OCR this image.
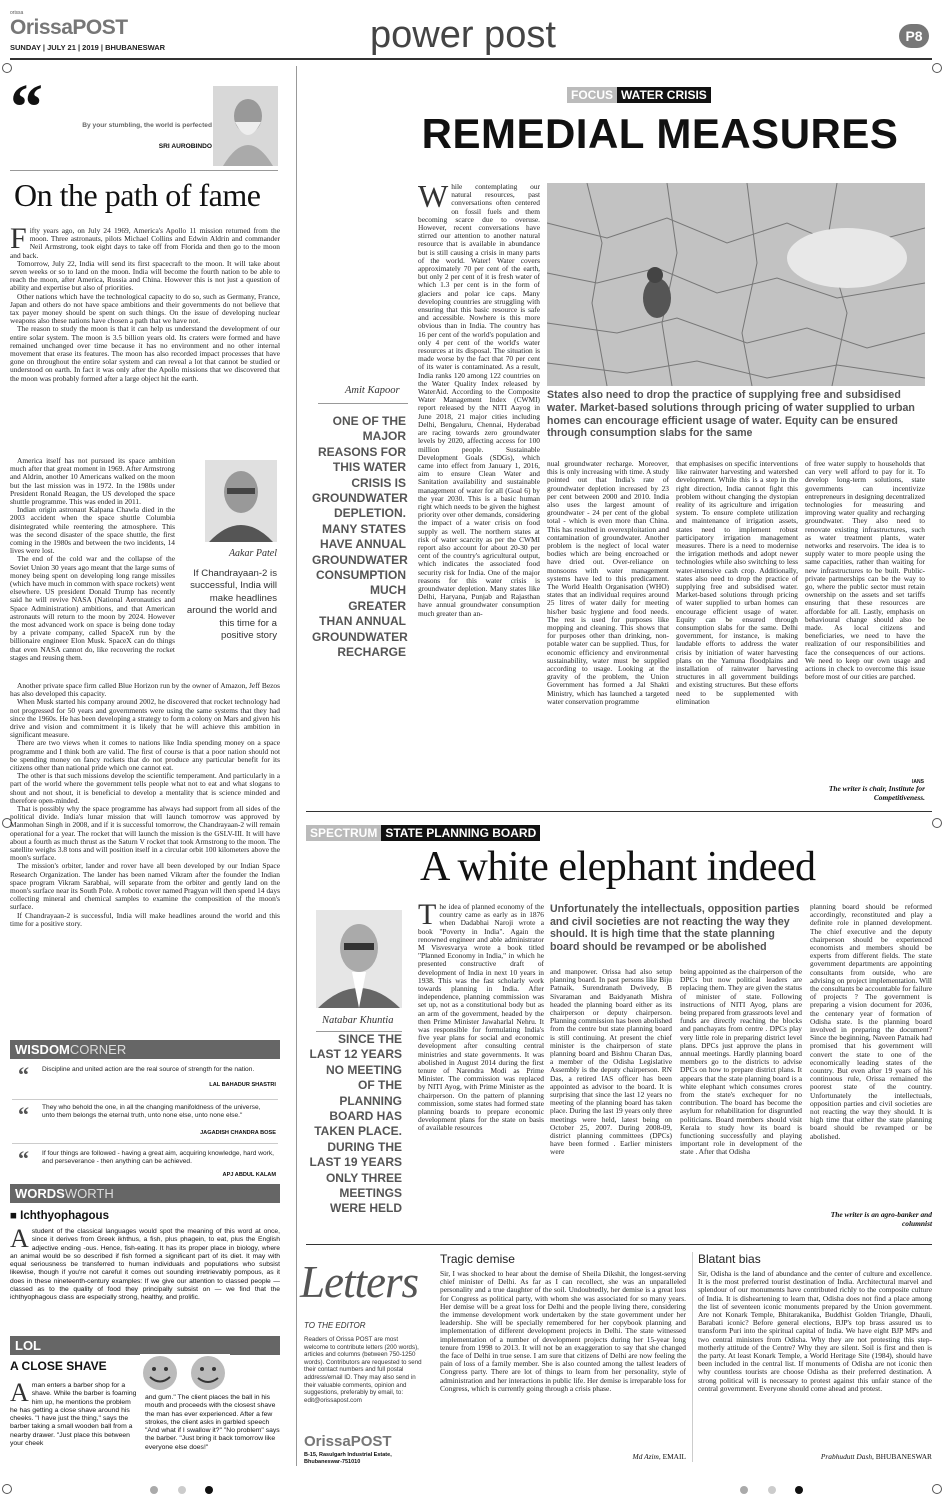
orissa
OrissaPOST
SUNDAY | JULY 21 | 2019 | BHUBANESWAR	power post	P8
“	By your stumbling, the world is perfected
SRI AUROBINDO
On the path of fame

Fifty years ago, on July 24 1969, America's Apollo 11 mission returned from the moon. Three astronauts, pilots Michael Collins and Edwin Aldrin and commander Neil Armstrong, took eight days to take off from Florida and then go to the moon and back.

Tomorrow, July 22, India will send its first spacecraft to the moon. It will take about seven weeks or so to land on the moon. India will become the fourth nation to be able to reach the moon, after America, Russia and China. However this is not just a question of ability and expertise but also of priorities.

Other nations which have the technological capacity to do so, such as Germany, France, Japan and others do not have space ambitions and their governments do not believe that tax payer money should be spent on such things. On the issue of developing nuclear weapons also these nations have chosen a path that we have not.

The reason to study the moon is that it can help us understand the development of our entire solar system. The moon is 3.5 billion years old. Its craters were formed and have remained unchanged over time because it has no environment and no other internal movement that erase its features. The moon has also recorded impact processes that have gone on throughout the entire solar system and can reveal a lot that cannot be studied or understood on earth. In fact it was only after the Apollo missions that we discovered that the moon was probably formed after a large object hit the earth.

America itself has not pursued its space ambition much after that great moment in 1969. After Armstrong and Aldrin, another 10 Americans walked on the moon but the last mission was in 1972. In the 1980s under President Ronald Reagan, the US developed the space shuttle programme. This was ended in 2011.

Indian origin astronaut Kalpana Chawla died in the 2003 accident when the space shuttle Columbia disintegrated while reentering the atmosphere. This was the second disaster of the space shuttle, the first coming in the 1980s and between the two incidents, 14 lives were lost.

The end of the cold war and the collapse of the Soviet Union 30 years ago meant that the large sums of money being spent on developing long range missiles (which have much in common with space rockets) went elsewhere. US president Donald Trump has recently said he will revive NASA (National Aeronautics and Space Administration) ambitions, and that American astronauts will return to the moon by 2024. However the most advanced work on space is being done today by a private company, called SpaceX run by the billionaire engineer Elon Musk. SpaceX can do things that even NASA cannot do, like recovering the rocket stages and reusing them.

Aakar Patel
If Chandrayaan-2 is successful, India will make headlines around the world and this time for a positive story

Another private space firm called Blue Horizon run by the owner of Amazon, Jeff Bezos has also developed this capacity.

When Musk started his company around 2002, he discovered that rocket technology had not progressed for 50 years and governments were using the same systems that they had since the 1960s. He has been developing a strategy to form a colony on Mars and given his drive and vision and commitment it is likely that he will achieve this ambition in significant measure.

There are two views when it comes to nations like India spending money on a space programme and I think both are valid. The first of course is that a poor nation should not be spending money on fancy rockets that do not produce any particular benefit for its citizens other than national pride which one cannot eat.

The other is that such missions develop the scientific temperament. And particularly in a part of the world where the government tells people what not to eat and what slogans to shout and not shout, it is beneficial to develop a mentality that is science minded and therefore open-minded.

That is possibly why the space programme has always had support from all sides of the political divide. India's lunar mission that will launch tomorrow was approved by Manmohan Singh in 2008, and if it is successful tomorrow, the Chandrayaan-2 will remain operational for a year. The rocket that will launch the mission is the GSLV-III. It will have about a fourth as much thrust as the Saturn V rocket that took Armstrong to the moon. The satellite weighs 3.8 tons and will position itself in a circular orbit 100 kilometers above the moon's surface.

The mission's orbiter, lander and rover have all been developed by our Indian Space Research Organization. The lander has been named Vikram after the founder the Indian space program Vikram Sarabhai, will separate from the orbiter and gently land on the moon's surface near its South Pole. A robotic rover named Pragyan will then spend 14 days collecting mineral and chemical samples to examine the composition of the moon's surface.

If Chandrayaan-2 is successful, India will make headlines around the world and this time for a positive story.

WISDOMCORNER
“ Discipline and united action are the real source of strength for the nation.
LAL BAHADUR SHASTRI
“ They who behold the one, in all the changing manifoldness of the universe, unto them belongs the eternal truth, unto none else, unto none else."
JAGADISH CHANDRA BOSE
“ If four things are followed - having a great aim, acquiring knowledge, hard work, and perseverance - then anything can be achieved.
APJ ABDUL KALAM
WORDSWORTH
■ Ichthyophagous
A student of the classical languages would spot the meaning of this word at once, since it derives from Greek ikhthus, a fish, plus phagein, to eat, plus the English adjective ending -ous. Hence, fish-eating. It has its proper place in biology, where an animal would be so described if fish formed a significant part of its diet. It may with equal seriousness be transferred to human individuals and populations who subsist likewise, though if you're not careful it comes out sounding irretrievably pompous, as it does in these nineteenth-century examples: If we give our attention to classed people — classed as to the quality of food they principally subsist on — we find that the ichthyophagous class are especially strong, healthy, and prolific.
LOL
A CLOSE SHAVE
A man enters a barber shop for a shave. While the barber is foaming him up, he mentions the problem he has getting a close shave around his cheeks. "I have just the thing," says the barber taking a small wooden ball from a nearby drawer. "Just place this between your cheek
and gum." The client places the ball in his mouth and proceeds with the closest shave the man has ever experienced. After a few strokes, the client asks in garbled speech "And what if I swallow it?" "No problem" says the barber. "Just bring it back tomorrow like everyone else does!"
FOCUS WATER CRISIS
REMEDIAL MEASURES
Amit Kapoor
ONE OF THE MAJOR REASONS FOR THIS WATER CRISIS IS GROUNDWATER DEPLETION. MANY STATES HAVE ANNUAL GROUNDWATER CONSUMPTION MUCH GREATER THAN ANNUAL GROUNDWATER RECHARGE
While contemplating our natural resources, past conversations often centered on fossil fuels and them becoming scarce due to overuse. However, recent conversations have stirred our attention to another natural resource that is available in abundance but is still causing a crisis in many parts of the world. Water! Water covers approximately 70 per cent of the earth, but only 2 per cent of it is fresh water of which 1.3 per cent is in the form of glaciers and polar ice caps. Many developing countries are struggling with ensuring that this basic resource is safe and accessible. Nowhere is this more obvious than in India. The country has 16 per cent of the world's population and only 4 per cent of the world's water resources at its disposal. The situation is made worse by the fact that 70 per cent of its water is contaminated. As a result, India ranks 120 among 122 countries on the Water Quality Index released by WaterAid. According to the Composite Water Management Index (CWMI) report released by the NITI Aayog in June 2018, 21 major cities including Delhi, Bengaluru, Chennai, Hyderabad are racing towards zero groundwater levels by 2020, affecting access for 100 million people. Sustainable Development Goals (SDGs), which came into effect from January 1, 2016, aim to ensure Clean Water and Sanitation availability and sustainable management of water for all (Goal 6) by the year 2030. This is a basic human right which needs to be given the highest priority over other demands, considering the impact of a water crisis on food supply as well. The northern states at risk of water scarcity as per the CWMI report also account for about 20-30 per cent of the country's agricultural output, which indicates the associated food security risk for India. One of the major reasons for this water crisis is groundwater depletion. Many states like Delhi, Haryana, Punjab and Rajasthan have annual groundwater consumption much greater than an-
States also need to drop the practice of supplying free and subsidised water. Market-based solutions through pricing of water supplied to urban homes can encourage efficient usage of water. Equity can be ensured through consumption slabs for the same
nual groundwater recharge. Moreover, this is only increasing with time. A study pointed out that India's rate of groundwater depletion increased by 23 per cent between 2000 and 2010. India also uses the largest amount of groundwater - 24 per cent of the global total - which is even more than China. This has resulted in overexploitation and contamination of groundwater. Another problem is the neglect of local water bodies which are being encroached or have dried out. Over-reliance on monsoons with water management systems have led to this predicament. The World Health Organisation (WHO) states that an individual requires around 25 litres of water daily for meeting his/her basic hygiene and food needs. The rest is used for purposes like mopping and cleaning. This shows that for purposes other than drinking, non-potable water can be supplied. Thus, for economic efficiency and environmental sustainability, water must be supplied according to usage. Looking at the gravity of the problem, the Union Government has formed a Jal Shakti Ministry, which has launched a targeted water conservation programme
that emphasises on specific interventions like rainwater harvesting and watershed development. While this is a step in the right direction, India cannot fight this problem without changing the dystopian reality of its agriculture and irrigation system. To ensure complete utilization and maintenance of irrigation assets, states need to implement robust participatory irrigation management measures. There is a need to modernise the irrigation methods and adopt newer technologies while also switching to less water-intensive cash crop. Additionally, states also need to drop the practice of supplying free and subsidised water. Market-based solutions through pricing of water supplied to urban homes can encourage efficient usage of water. Equity can be ensured through consumption slabs for the same. Delhi government, for instance, is making laudable efforts to address the water crisis by initiation of water harvesting plans on the Yamuna floodplains and installation of rainwater harvesting structures in all government buildings and existing structures. But these efforts need to be supplemented with elimination
of free water supply to households that can very well afford to pay for it. To develop long-term solutions, state governments can incentivize entrepreneurs in designing decentralized technologies for measuring and improving water quality and recharging groundwater. They also need to renovate existing infrastructures, such as water treatment plants, water networks and reservoirs. The idea is to supply water to more people using the same capacities, rather than waiting for new infrastructures to be built. Public-private partnerships can be the way to go, where the public sector must retain ownership on the assets and set tariffs ensuring that these resources are affordable for all. Lastly, emphasis on behavioural change should also be made. As local citizens and beneficiaries, we need to have the realization of our responsibilities and face the consequences of our actions. We need to keep our own usage and actions in check to overcome this issue before most of our cities are parched.
IANS
The writer is chair, Institute for Competitiveness.
SPECTRUM STATE PLANNING BOARD
A white elephant indeed
Natabar Khuntia
SINCE THE LAST 12 YEARS NO MEETING OF THE PLANNING BOARD HAS TAKEN PLACE. DURING THE LAST 19 YEARS ONLY THREE MEETINGS WERE HELD
The idea of planned economy of the country came as early as in 1876 when Dadabhai Naroji wrote a book "Poverty in India". Again the renowned engineer and able administrator M Visvesvarya wrote a book titled "Planned Economy in India," in which he presented constructive draft of development of India in next 10 years in 1938. This was the fast scholarly work towards planning in India. After independence, planning commission was set up, not as a constitutional body but as an arm of the government, headed by the then Prime Minister Jawaharlal Nehru. It was responsible for formulating India's five year plans for social and economic development after consulting central ministries and state governments. It was abolished in August 2014 during the first tenure of Narendra Modi as Prime Minister. The commission was replaced by NITI Ayog, with Prime Minister as the chairperson. On the pattern of planning commission, some states had formed state planning boards to prepare economic development plans for the state on basis of available resources
Unfortunately the intellectuals, opposition parties and civil societies are not reacting the way they should. It is high time that the state planning board should be revamped or be abolished
and manpower. Orissa had also setup planning board. In past persons like Biju Patnaik, Surendranath Dwivedy, B Sivaraman and Baidyanath Mishra headed the planning board either as its chairperson or deputy chairperson. Planning commission has been abolished from the centre but state planning board is still continuing. At present the chief minister is the chairperson of state planning board and Bishnu Charan Das, a member of the Odisha Legislative Assembly is the deputy chairperson. RN Das, a retired IAS officer has been appointed as advisor to the board. It is surprising that since the last 12 years no meeting of the planning board has taken place. During the last 19 years only three meetings were held, latest being on October 25, 2007. During 2008-09, district planning committees (DPCs) have been formed . Earlier ministers were
being appointed as the chairperson of the DPCs but now political leaders are replacing them. They are given the status of minister of state. Following instructions of NITI Ayog, plans are being prepared from grassroots level and funds are directly reaching the blocks and panchayats from centre . DPCs play very little role in preparing district level plans. DPCs just approve the plans in annual meetings. Hardly planning board members go to the districts to advise DPCs on how to prepare district plans. It appears that the state planning board is a white elephant which consumes crores from the state's exchequer for no contribution. The board has become the asylum for rehabilitation for disgruntled politicians. Board members should visit Kerala to study how its board is functioning successfully and playing important role in development of the state . After that Odisha
planning board should be reformed accordingly, reconstituted and play a definite role in planned development. The chief executive and the deputy chairperson should be experienced economists and members should be experts from different fields. The state government departments are appointing consultants from outside, who are advising on project implementation. Will the consultants be accountable for failure of projects ? The government is preparing a vision document for 2036, the centenary year of formation of Odisha state. Is the planning board involved in preparing the document? Since the beginning, Naveen Patnaik had promised that his government will convert the state to one of the economically leading states of the country. But even after 19 years of his continuous rule, Orissa remained the poorest state of the country. Unfortunately the intellectuals, opposition parties and civil societies are not reacting the way they should. It is high time that either the state planning board should be revamped or be abolished.
The writer is an agro-banker and columnist
Letters
TO THE EDITOR
Readers of Orissa POST are most welcome to contribute letters (200 words), articles and columns (between 750-1250 words). Contributors are requested to send their contact numbers and full postal address/email ID. They may also send in their valuable comments, opinion and suggestions, preferably by email, to: edit@orissapost.com
OrissaPOST
B-15, Rasulgarh Industrial Estate, Bhubaneswar-751010
Tragic demise
Sir, I was shocked to hear about the demise of Sheila Dikshit, the longest-serving chief minister of Delhi. As far as I can recollect, she was an unparalleled personality and a true daughter of the soil. Undoubtedly, her demise is a great loss for Congress as political party, with whom she was associated for so many years. Her demise will be a great loss for Delhi and the people living there, considering the immense development work undertaken by the state government under her leadership. She will be specially remembered for her copybook planning and implementation of different development projects in Delhi. The state witnessed implementation of a number of development projects during her 15-year long tenure from 1998 to 2013. It will not be an exaggeration to say that she changed the face of Delhi in true sense. I am sure that citizens of Delhi are now feeling the pain of loss of a family member. She is also counted among the tallest leaders of Congress party. There are lot of things to learn from her personality, style of administration and her interactions in public life. Her demise is irreparable loss for Congress, which is currently going through a crisis phase.
Md Azim, EMAIL
Blatant bias
Sir, Odisha is the land of abundance and the center of culture and excellence. It is the most preferred tourist destination of India. Architectural marvel and splendour of our monuments have contributed richly to the composite culture of India. It is disheartening to learn that, Odisha does not find a place among the list of seventeen iconic monuments prepared by the Union government. Are not Konark Temple, Bhitarakanika, Buddhist Golden Triangle, Dhauli, Barabati iconic? Before general elections, BJP's top brass assured us to transform Puri into the spiritual capital of India. We have eight BJP MPs and two central ministers from Odisha. Why they are not protesting this step-motherly attitude of the Centre? Why they are silent. Soil is first and then is the party. At least Konark Temple, a World Heritage Site (1984), should have been included in the central list. If monuments of Odisha are not iconic then why countless tourists are choose Odisha as their preferred destination. A strong political will is necessary to protest against this unfair stance of the central government. Everyone should come ahead and protest.
Prabhudutt Dash, BHUBANESWAR
